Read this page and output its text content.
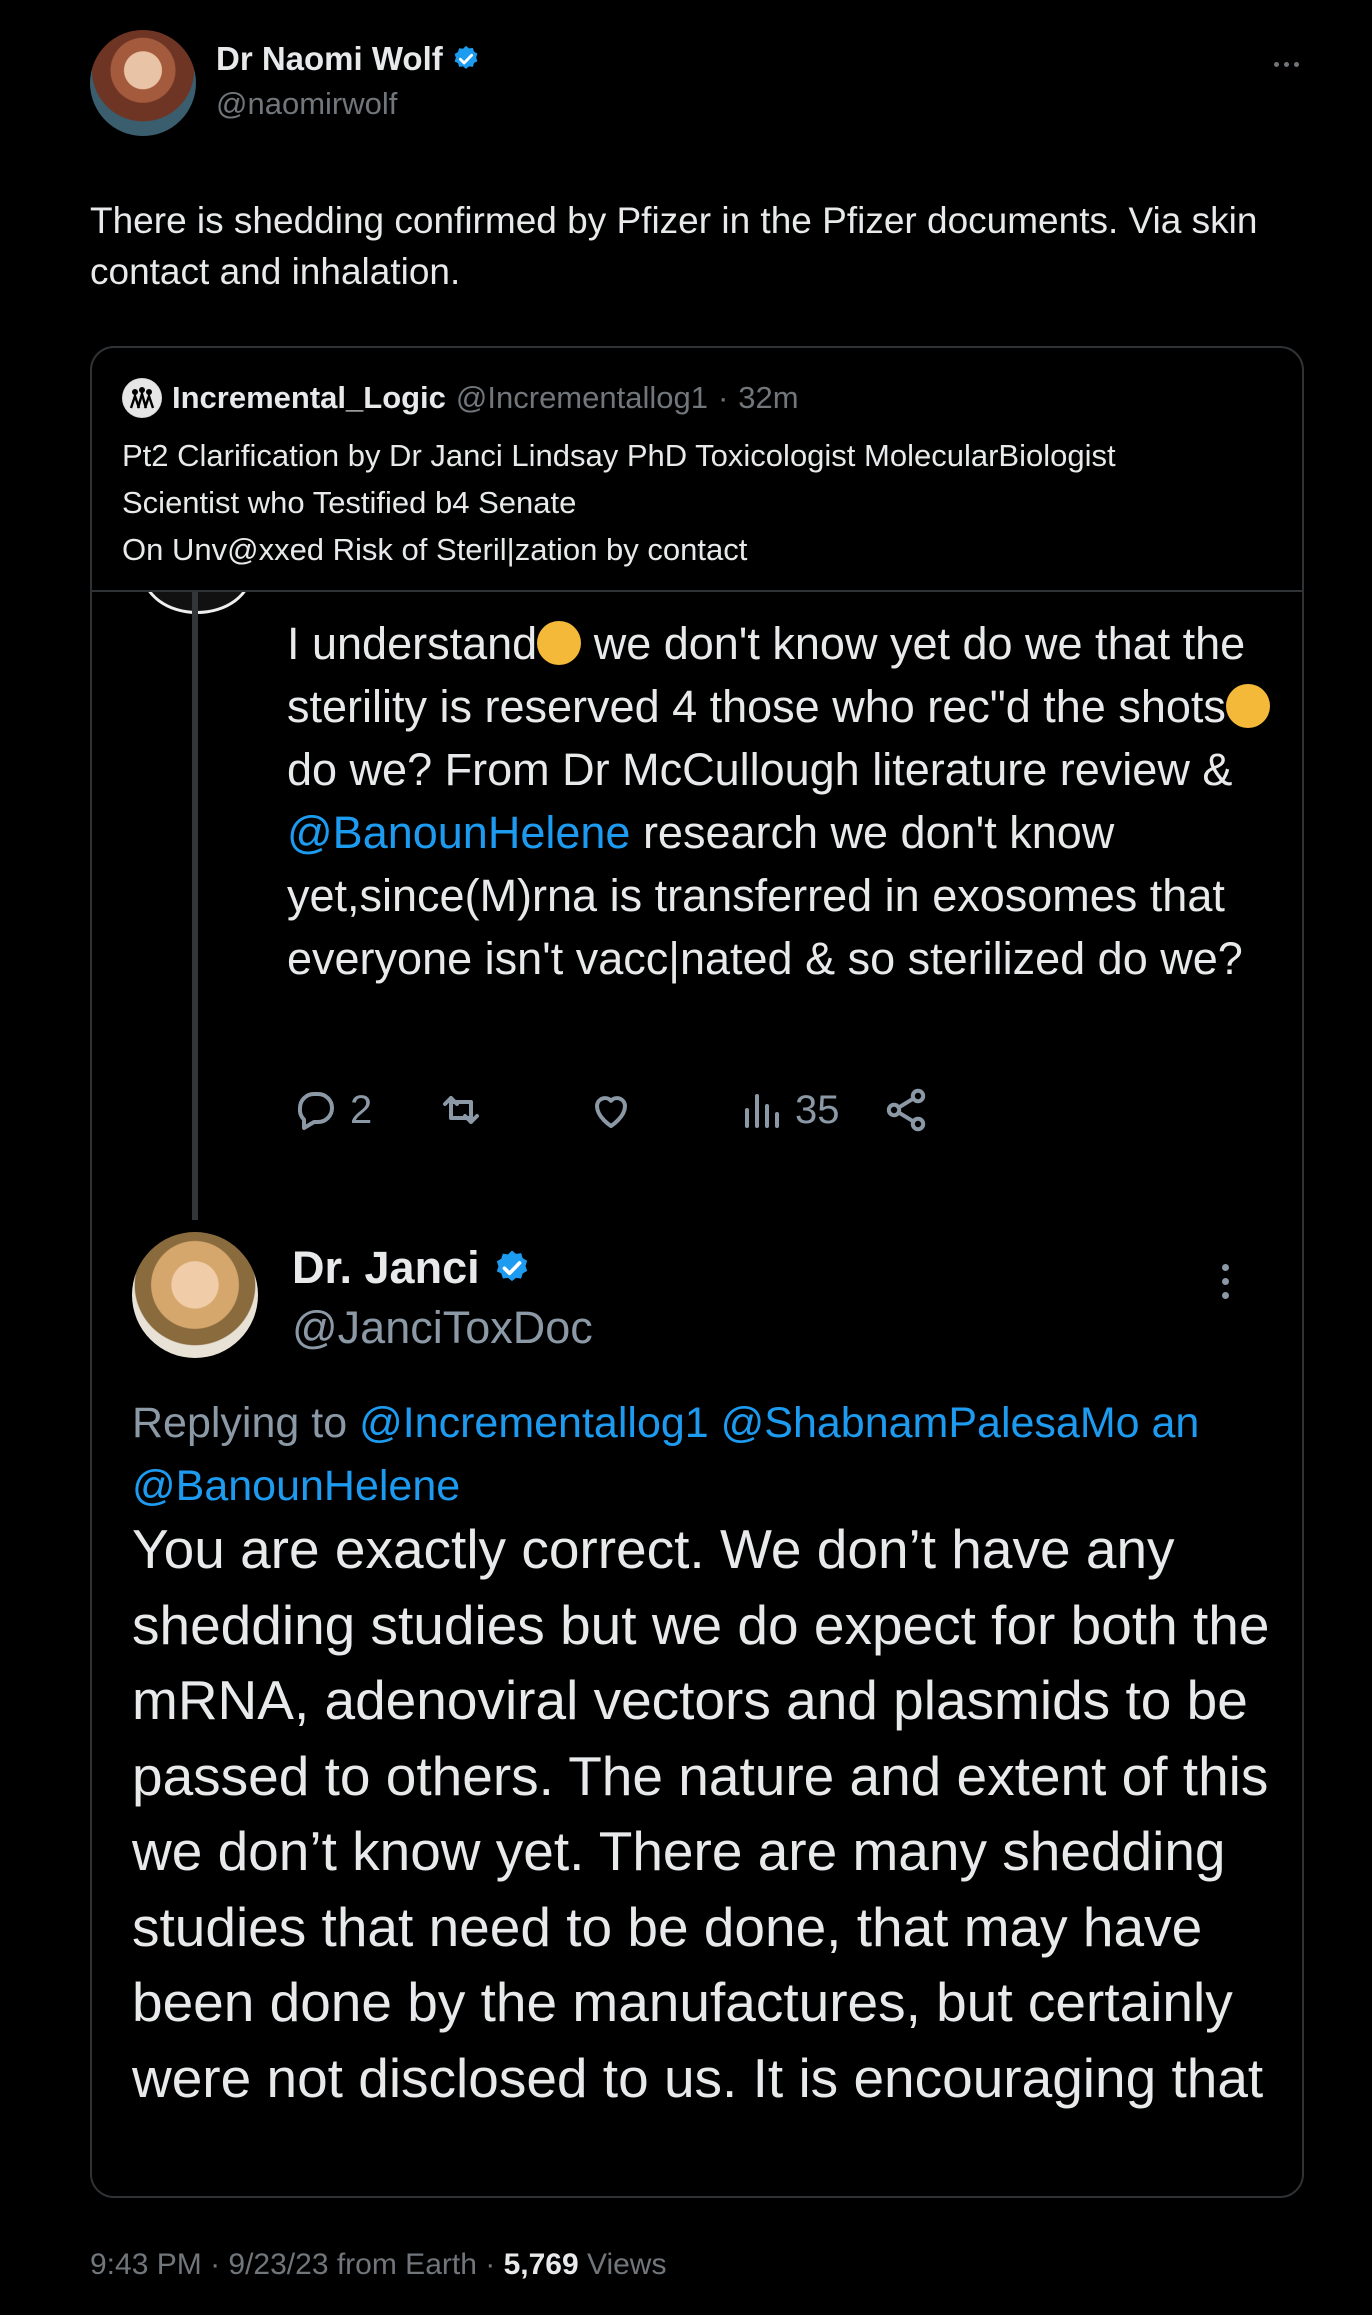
Dr Naomi Wolf
@naomirwolf
There is shedding confirmed by Pfizer in the Pfizer documents. Via skin contact and inhalation.
Incremental_Logic @Incrementallog1 · 32m
Pt2 Clarification by Dr Janci Lindsay PhD Toxicologist MolecularBiologist
Scientist who Testified b4 Senate
On Unv@xxed Risk of Steril|zation by contact
I understand we don't know yet do we that the sterility is reserved 4 those who rec"d the shotsdo we? From Dr McCullough literature review & @BanounHelene research we don't know yet,since(M)rna is transferred in exosomes that everyone isn't vacc|nated & so sterilized do we?
2	35
Dr. Janci
@JanciToxDoc
Replying to @Incrementallog1 @ShabnamPalesaMo an
@BanounHelene
You are exactly correct. We don’t have any shedding studies but we do expect for both the mRNA, adenoviral vectors and plasmids to be passed to others. The nature and extent of this we don’t know yet. There are many shedding studies that need to be done, that may have been done by the manufactures, but certainly were not disclosed to us. It is encouraging that
9:43 PM · 9/23/23
from Earth · 5,769
Views
